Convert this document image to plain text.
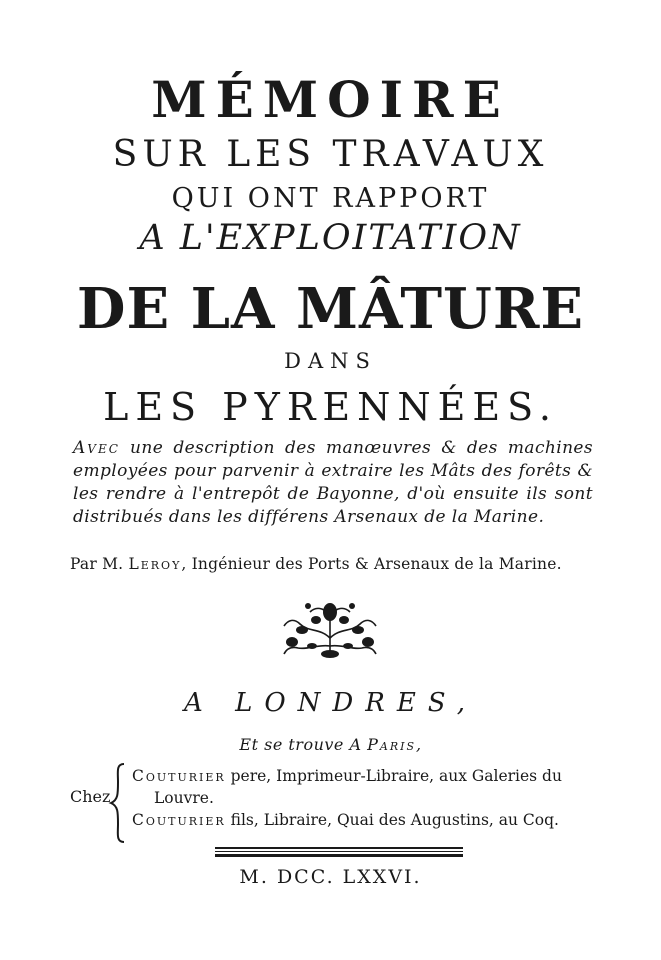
MÉMOIRE
SUR LES TRAVAUX
QUI ONT RAPPORT
A L'EXPLOITATION
DE LA MÂTURE
DANS
LES PYRENNÉES.
Avec une description des manœuvres & des machines employées pour parvenir à extraire les Mâts des forêts & les rendre à l'entrepôt de Bayonne, d'où ensuite ils sont distribués dans les différens Arsenaux de la Marine.
Par M. Leroy, Ingénieur des Ports & Arsenaux de la Marine.
A LONDRES,
Et se trouve A Paris,
Chez
Couturier pere, Imprimeur-Libraire, aux Galeries du
Louvre.
Couturier fils, Libraire, Quai des Augustins, au Coq.
M. DCC. LXXVI.
